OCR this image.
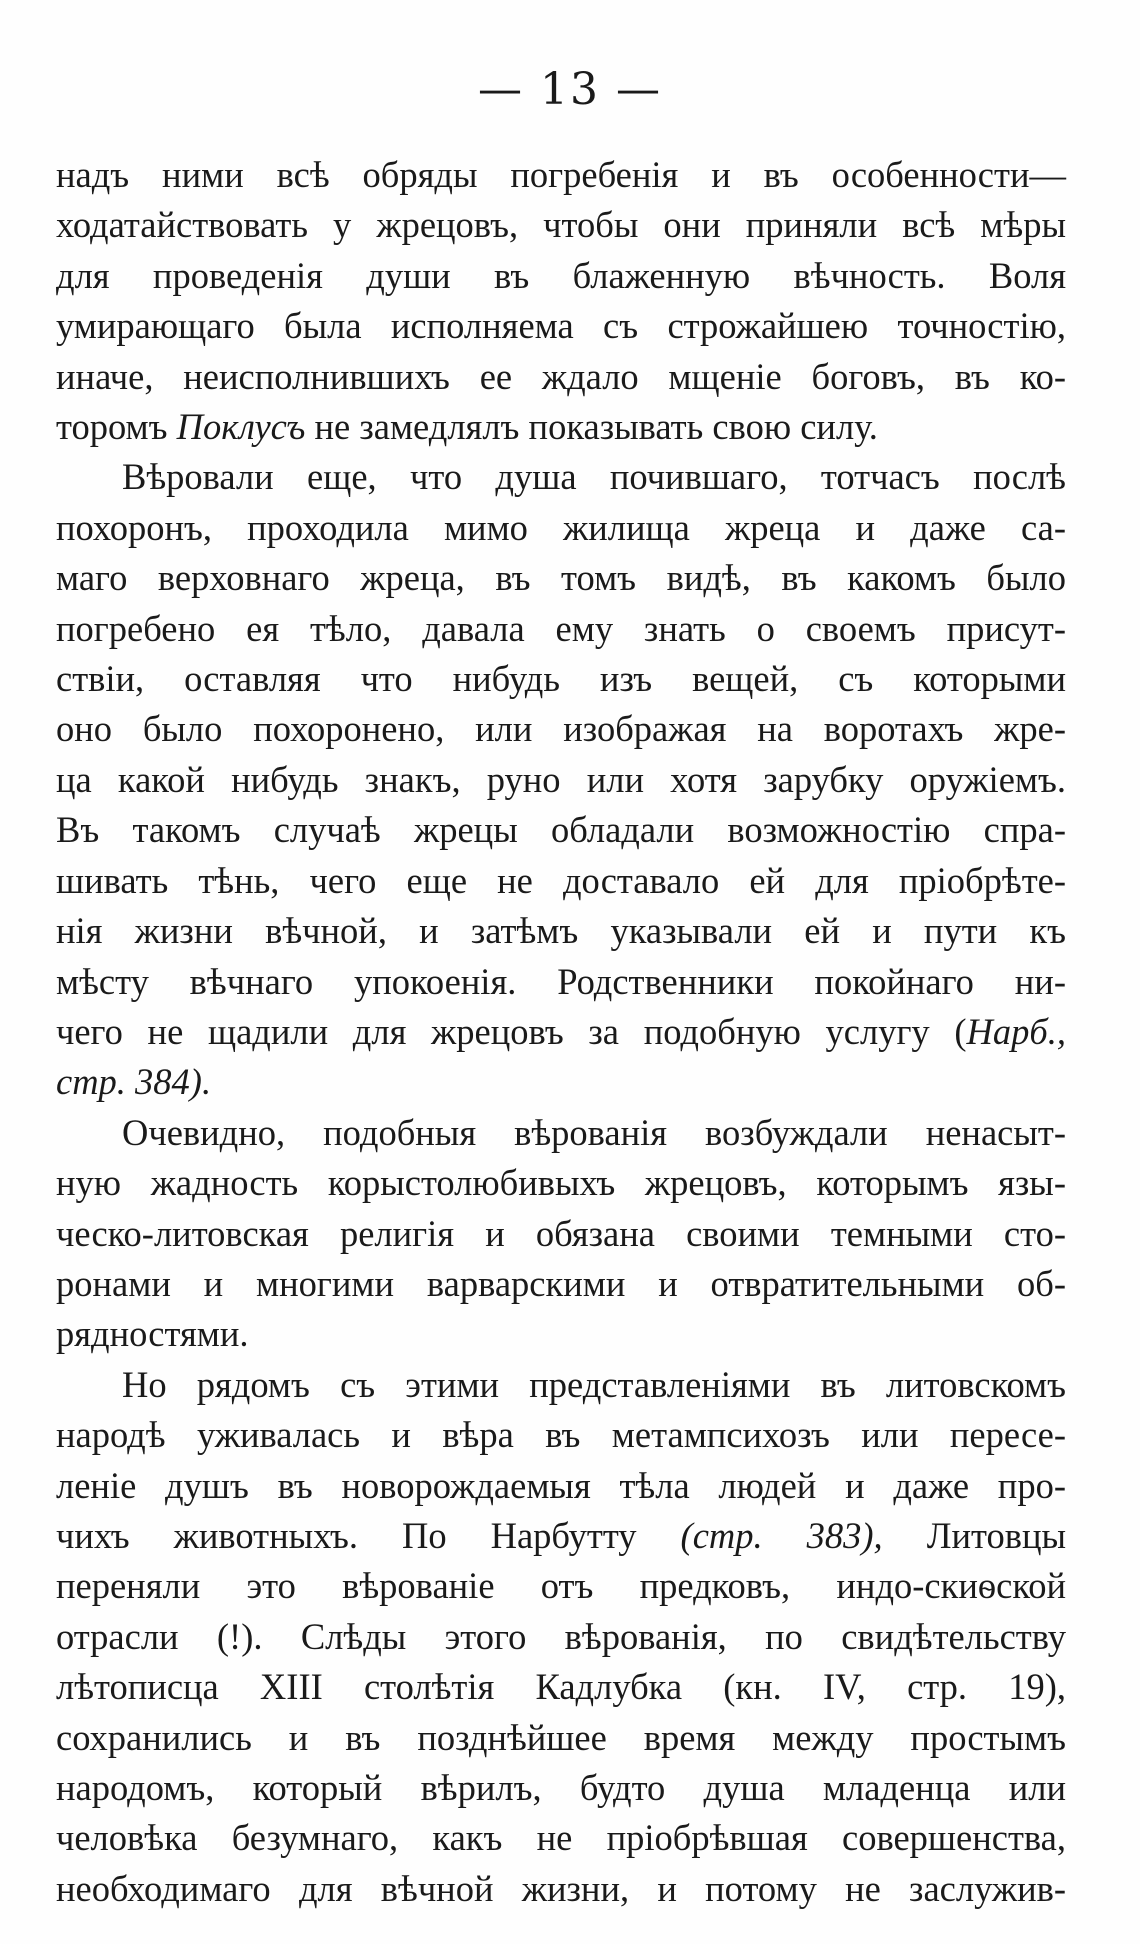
— 13 —
надъ ними всѣ обряды погребенія и въ особенности—
ходатайствовать у жрецовъ, чтобы они приняли всѣ мѣры
для проведенія души въ блаженную вѣчность. Воля
умирающаго была исполняема съ строжайшею точностію,
иначе, неисполнившихъ ее ждало мщеніе боговъ, въ ко-
торомъ Поклусъ не замедлялъ показывать свою силу.
Вѣровали еще, что душа почившаго, тотчасъ послѣ
похоронъ, проходила мимо жилища жреца и даже са-
маго верховнаго жреца, въ томъ видѣ, въ какомъ было
погребено ея тѣло, давала ему знать о своемъ присут-
ствіи, оставляя что нибудь изъ вещей, съ которыми
оно было похоронено, или изображая на воротахъ жре-
ца какой нибудь знакъ, руно или хотя зарубку оружіемъ.
Въ такомъ случаѣ жрецы обладали возможностію спра-
шивать тѣнь, чего еще не доставало ей для пріобрѣте-
нія жизни вѣчной, и затѣмъ указывали ей и пути къ
мѣсту вѣчнаго упокоенія. Родственники покойнаго ни-
чего не щадили для жрецовъ за подобную услугу (Нарб.,
стр. 384).
Очевидно, подобныя вѣрованія возбуждали ненасыт-
ную жадность корыстолюбивыхъ жрецовъ, которымъ язы-
ческо-литовская религія и обязана своими темными сто-
ронами и многими варварскими и отвратительными об-
рядностями.
Но рядомъ съ этими представленіями въ литовскомъ
народѣ уживалась и вѣра въ метампсихозъ или пересе-
леніе душъ въ новорождаемыя тѣла людей и даже про-
чихъ животныхъ. По Нарбутту (стр. 383), Литовцы
переняли это вѣрованіе отъ предковъ, индо-скиѳской
отрасли (!). Слѣды этого вѣрованія, по свидѣтельству
лѣтописца XIII столѣтія Кадлубка (кн. IV, стр. 19),
сохранились и въ позднѣйшее время между простымъ
народомъ, который вѣрилъ, будто душа младенца или
человѣка безумнаго, какъ не пріобрѣвшая совершенства,
необходимаго для вѣчной жизни, и потому не заслужив-
